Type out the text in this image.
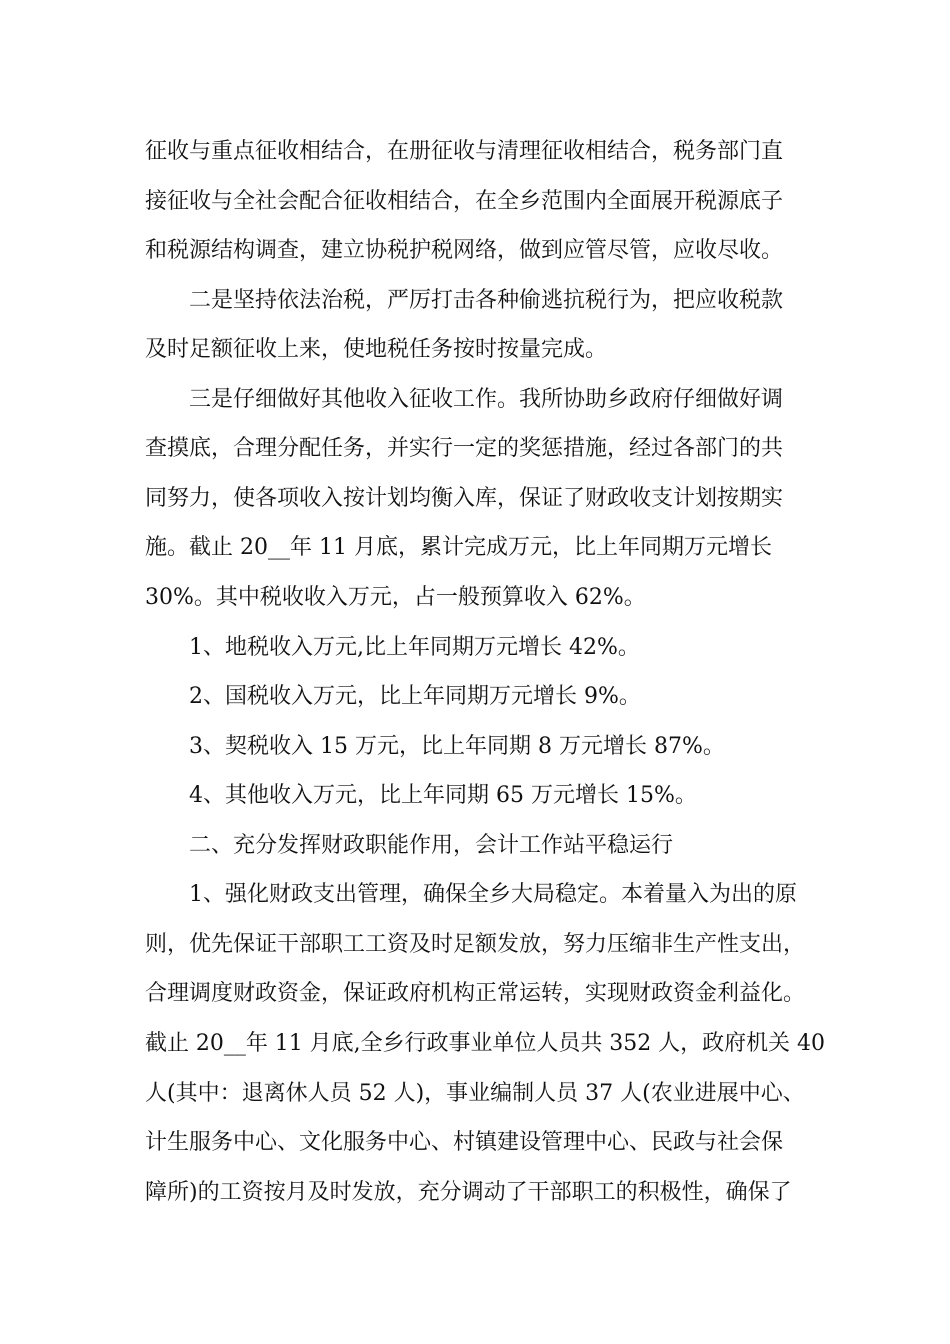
征收与重点征收相结合，在册征收与清理征收相结合，税务部门直
接征收与全社会配合征收相结合，在全乡范围内全面展开税源底子
和税源结构调查，建立协税护税网络，做到应管尽管，应收尽收。
二是坚持依法治税，严厉打击各种偷逃抗税行为，把应收税款
及时足额征收上来，使地税任务按时按量完成。
三是仔细做好其他收入征收工作。我所协助乡政府仔细做好调
查摸底，合理分配任务，并实行一定的奖惩措施，经过各部门的共
同努力，使各项收入按计划均衡入库，保证了财政收支计划按期实
施。截止 20__年 11 月底，累计完成万元，比上年同期万元增长
30%。其中税收收入万元，占一般预算收入 62%。
1、地税收入万元,比上年同期万元增长 42%。
2、国税收入万元，比上年同期万元增长 9%。
3、契税收入 15 万元，比上年同期 8 万元增长 87%。
4、其他收入万元，比上年同期 65 万元增长 15%。
二、充分发挥财政职能作用，会计工作站平稳运行
1、强化财政支出管理，确保全乡大局稳定。本着量入为出的原
则，优先保证干部职工工资及时足额发放，努力压缩非生产性支出，
合理调度财政资金，保证政府机构正常运转，实现财政资金利益化。
截止 20__年 11 月底,全乡行政事业单位人员共 352 人，政府机关 40
人(其中：退离休人员 52 人)，事业编制人员 37 人(农业进展中心、
计生服务中心、文化服务中心、村镇建设管理中心、民政与社会保
障所)的工资按月及时发放，充分调动了干部职工的积极性，确保了
